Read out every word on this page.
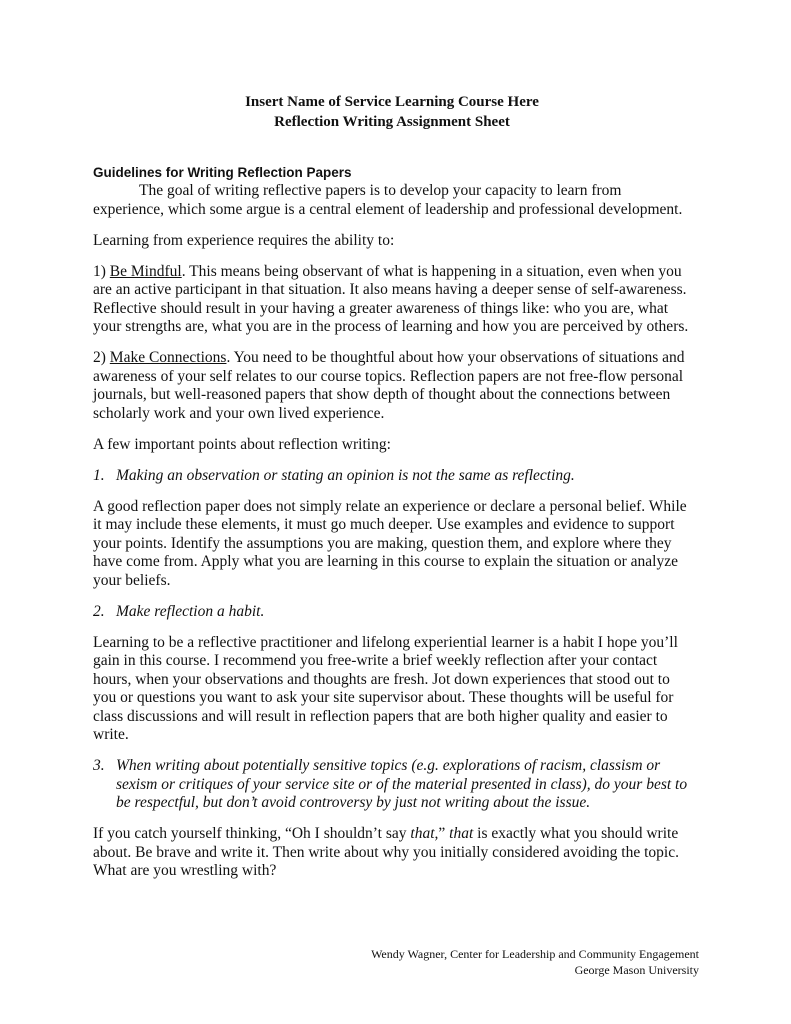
Insert Name of Service Learning Course Here
Reflection Writing Assignment Sheet
Guidelines for Writing Reflection Papers

The goal of writing reflective papers is to develop your capacity to learn from experience, which some argue is a central element of leadership and professional development.

Learning from experience requires the ability to:

1) Be Mindful. This means being observant of what is happening in a situation, even when you are an active participant in that situation. It also means having a deeper sense of self-awareness. Reflective should result in your having a greater awareness of things like: who you are, what your strengths are, what you are in the process of learning and how you are perceived by others.

2) Make Connections. You need to be thoughtful about how your observations of situations and awareness of your self relates to our course topics. Reflection papers are not free-flow personal journals, but well-reasoned papers that show depth of thought about the connections between scholarly work and your own lived experience.

A few important points about reflection writing:

1. Making an observation or stating an opinion is not the same as reflecting.

A good reflection paper does not simply relate an experience or declare a personal belief. While it may include these elements, it must go much deeper. Use examples and evidence to support your points. Identify the assumptions you are making, question them, and explore where they have come from. Apply what you are learning in this course to explain the situation or analyze your beliefs.

2. Make reflection a habit.

Learning to be a reflective practitioner and lifelong experiential learner is a habit I hope you’ll gain in this course. I recommend you free-write a brief weekly reflection after your contact hours, when your observations and thoughts are fresh. Jot down experiences that stood out to you or questions you want to ask your site supervisor about. These thoughts will be useful for class discussions and will result in reflection papers that are both higher quality and easier to write.

3. When writing about potentially sensitive topics (e.g. explorations of racism, classism or sexism or critiques of your service site or of the material presented in class), do your best to be respectful, but don’t avoid controversy by just not writing about the issue.

If you catch yourself thinking, “Oh I shouldn’t say that,” that is exactly what you should write about. Be brave and write it. Then write about why you initially considered avoiding the topic. What are you wrestling with?

Wendy Wagner, Center for Leadership and Community Engagement
George Mason University
